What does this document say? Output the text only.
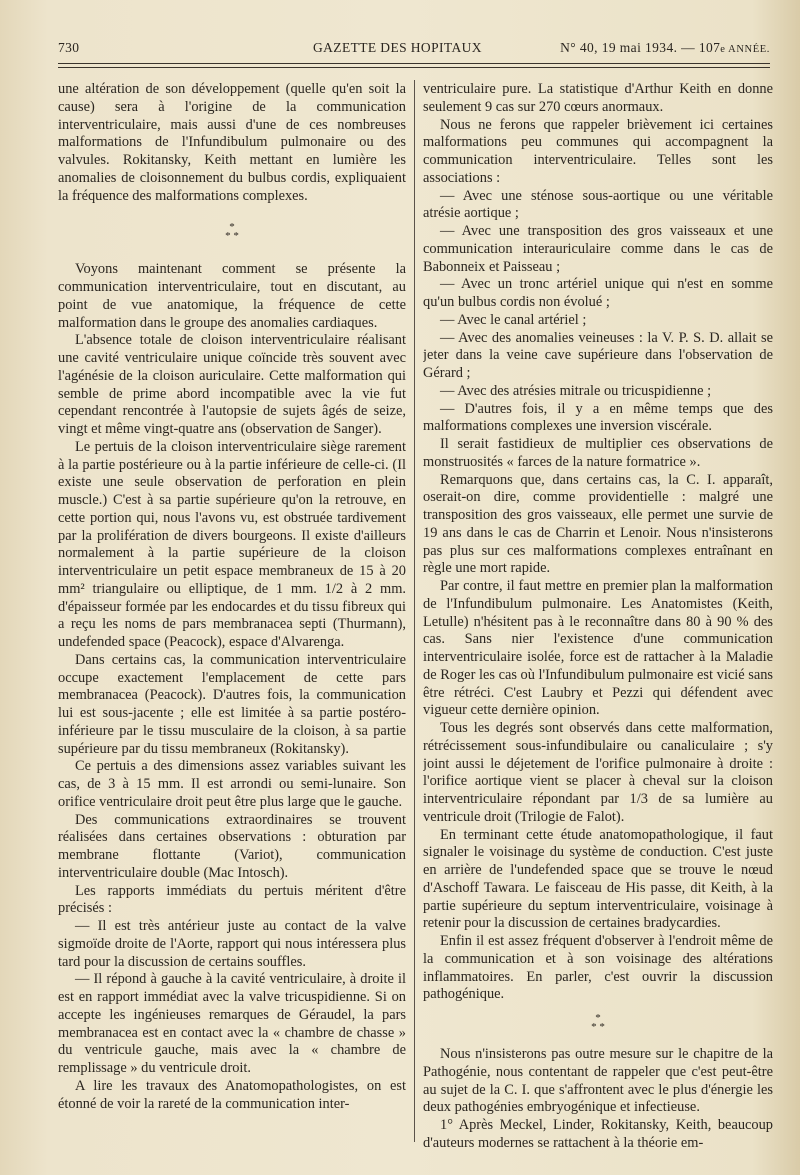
730	GAZETTE DES HOPITAUX	N° 40, 19 mai 1934. — 107e ANNÉE.

une altération de son développement (quelle qu'en soit la cause) sera à l'origine de la communication interventriculaire, mais aussi d'une de ces nombreuses malformations de l'Infundibulum pulmonaire ou des valvules. Rokitansky, Keith mettant en lumière les anomalies de cloisonnement du bulbus cordis, expliquaient la fréquence des malformations complexes.

*
* *

Voyons maintenant comment se présente la communication interventriculaire, tout en discutant, au point de vue anatomique, la fréquence de cette malformation dans le groupe des anomalies cardiaques.

L'absence totale de cloison interventriculaire réalisant une cavité ventriculaire unique coïncide très souvent avec l'agénésie de la cloison auriculaire. Cette malformation qui semble de prime abord incompatible avec la vie fut cependant rencontrée à l'autopsie de sujets âgés de seize, vingt et même vingt-quatre ans (observation de Sanger).

Le pertuis de la cloison interventriculaire siège rarement à la partie postérieure ou à la partie inférieure de celle-ci. (Il existe une seule observation de perforation en plein muscle.) C'est à sa partie supérieure qu'on la retrouve, en cette portion qui, nous l'avons vu, est obstruée tardivement par la prolifération de divers bourgeons. Il existe d'ailleurs normalement à la partie supérieure de la cloison interventriculaire un petit espace membraneux de 15 à 20 mm² triangulaire ou elliptique, de 1 mm. 1/2 à 2 mm. d'épaisseur formée par les endocardes et du tissu fibreux qui a reçu les noms de pars membranacea septi (Thurmann), undefended space (Peacock), espace d'Alvarenga.

Dans certains cas, la communication interventriculaire occupe exactement l'emplacement de cette pars membranacea (Peacock). D'autres fois, la communication lui est sous-jacente ; elle est limitée à sa partie postéro-inférieure par le tissu musculaire de la cloison, à sa partie supérieure par du tissu membraneux (Rokitansky).

Ce pertuis a des dimensions assez variables suivant les cas, de 3 à 15 mm. Il est arrondi ou semi-lunaire. Son orifice ventriculaire droit peut être plus large que le gauche.

Des communications extraordinaires se trouvent réalisées dans certaines observations : obturation par membrane flottante (Variot), communication interventriculaire double (Mac Intosch).

Les rapports immédiats du pertuis méritent d'être précisés :

— Il est très antérieur juste au contact de la valve sigmoïde droite de l'Aorte, rapport qui nous intéressera plus tard pour la discussion de certains souffles.

— Il répond à gauche à la cavité ventriculaire, à droite il est en rapport immédiat avec la valve tricuspidienne. Si on accepte les ingénieuses remarques de Géraudel, la pars membranacea est en contact avec la « chambre de chasse » du ventricule gauche, mais avec la « chambre de remplissage » du ventricule droit.

A lire les travaux des Anatomopathologistes, on est étonné de voir la rareté de la communication inter-

ventriculaire pure. La statistique d'Arthur Keith en donne seulement 9 cas sur 270 cœurs anormaux.

Nous ne ferons que rappeler brièvement ici certaines malformations peu communes qui accompagnent la communication interventriculaire. Telles sont les associations :

— Avec une sténose sous-aortique ou une véritable atrésie aortique ;

— Avec une transposition des gros vaisseaux et une communication interauriculaire comme dans le cas de Babonneix et Paisseau ;

— Avec un tronc artériel unique qui n'est en somme qu'un bulbus cordis non évolué ;

— Avec le canal artériel ;

— Avec des anomalies veineuses : la V. P. S. D. allait se jeter dans la veine cave supérieure dans l'observation de Gérard ;

— Avec des atrésies mitrale ou tricuspidienne ;

— D'autres fois, il y a en même temps que des malformations complexes une inversion viscérale.

Il serait fastidieux de multiplier ces observations de monstruosités « farces de la nature formatrice ».

Remarquons que, dans certains cas, la C. I. apparaît, oserait-on dire, comme providentielle : malgré une transposition des gros vaisseaux, elle permet une survie de 19 ans dans le cas de Charrin et Lenoir. Nous n'insisterons pas plus sur ces malformations complexes entraînant en règle une mort rapide.

Par contre, il faut mettre en premier plan la malformation de l'Infundibulum pulmonaire. Les Anatomistes (Keith, Letulle) n'hésitent pas à le reconnaître dans 80 à 90 % des cas. Sans nier l'existence d'une communication interventriculaire isolée, force est de rattacher à la Maladie de Roger les cas où l'Infundibulum pulmonaire est vicié sans être rétréci. C'est Laubry et Pezzi qui défendent avec vigueur cette dernière opinion.

Tous les degrés sont observés dans cette malformation, rétrécissement sous-infundibulaire ou canaliculaire ; s'y joint aussi le déjetement de l'orifice pulmonaire à droite : l'orifice aortique vient se placer à cheval sur la cloison interventriculaire répondant par 1/3 de sa lumière au ventricule droit (Trilogie de Falot).

En terminant cette étude anatomopathologique, il faut signaler le voisinage du système de conduction. C'est juste en arrière de l'undefended space que se trouve le nœud d'Aschoff Tawara. Le faisceau de His passe, dit Keith, à la partie supérieure du septum interventriculaire, voisinage à retenir pour la discussion de certaines bradycardies.

Enfin il est assez fréquent d'observer à l'endroit même de la communication et à son voisinage des altérations inflammatoires. En parler, c'est ouvrir la discussion pathogénique.

*
* *

Nous n'insisterons pas outre mesure sur le chapitre de la Pathogénie, nous contentant de rappeler que c'est peut-être au sujet de la C. I. que s'affrontent avec le plus d'énergie les deux pathogénies embryogénique et infectieuse.

1° Après Meckel, Linder, Rokitansky, Keith, beaucoup d'auteurs modernes se rattachent à la théorie em-
